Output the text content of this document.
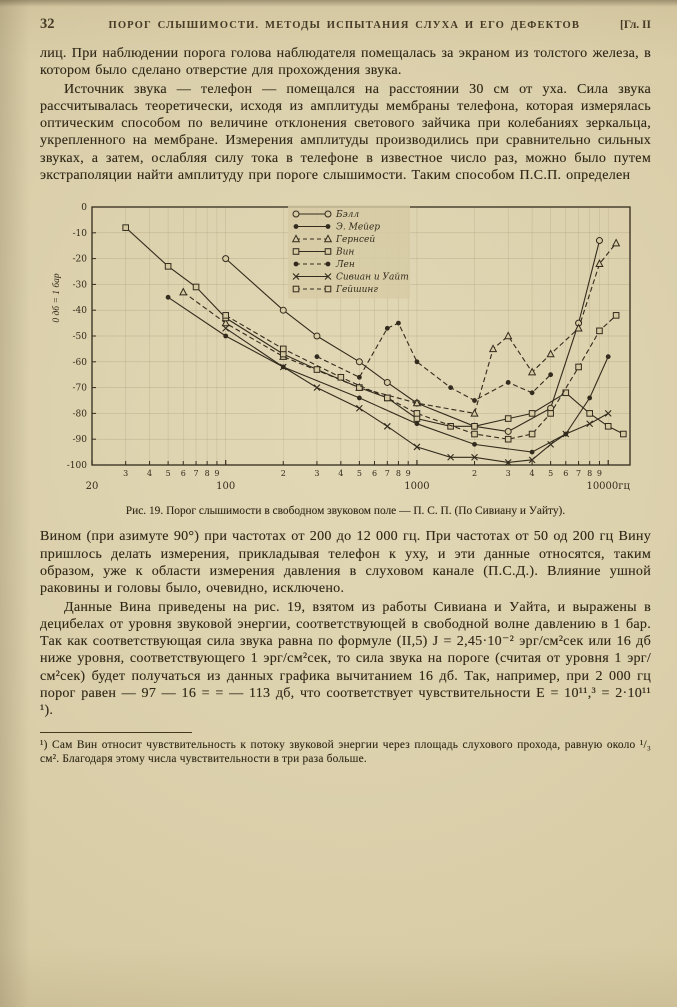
32	ПОРОГ СЛЫШИМОСТИ. МЕТОДЫ ИСПЫТАНИЯ СЛУХА И ЕГО ДЕФЕКТОВ	[Гл. II

лиц. При наблюдении порога голова наблюдателя помещалась за экраном из толстого железа, в котором было сделано отверстие для прохождения звука.

Источник звука — телефон — помещался на расстоянии 30 см от уха. Сила звука рассчитывалась теоретически, исходя из амплитуды мембраны телефона, которая измерялась оптическим способом по величине отклонения светового зайчика при колебаниях зеркальца, укрепленного на мембране. Измерения амплитуды производились при сравнительно сильных звуках, а затем, ослабляя силу тока в телефоне в известное число раз, можно было путем экстраполяции найти амплитуду при пороге слышимости. Таким способом П.С.П. определен

0
-10
-20
-30
-40
-50
-60
-70
-80
-90
-100
3 4 5 6 7 8 9	2	3 4 5 6 7 8 9	2	3 4 5 6 7 8 9
20	100	1000	10000гц
Бэлл
Э. Мейер
Гернсей
Вин
Лен
Сивиан и Уайт
Гейшинг
0 дб = 1 бар
Рис. 19. Порог слышимости в свободном звуковом поле — П. С. П. (По Сивиану и Уайту).

Вином (при азимуте 90°) при частотах от 200 до 12 000 гц. При частотах от 50 од 200 гц Вину пришлось делать измерения, прикладывая телефон к уху, и эти данные относятся, таким образом, уже к области измерения давления в слуховом канале (П.С.Д.). Влияние ушной раковины и головы было, очевидно, исключено.

Данные Вина приведены на рис. 19, взятом из работы Сивиана и Уайта, и выражены в децибелах от уровня звуковой энергии, соответствующей в свободной волне давлению в 1 бар. Так как соответствующая сила звука равна по формуле (II,5) J = 2,45·10⁻² эрг/см²сек или 16 дб ниже уровня, соответствующего 1 эрг/см²сек, то сила звука на пороге (считая от уровня 1 эрг/см²сек) будет получаться из данных графика вычитанием 16 дб. Так, например, при 2 000 гц порог равен — 97 — 16 = = — 113 дб, что соответствует чувствительности E = 10¹¹,³ = 2·10¹¹ ¹).

¹) Сам Вин относит чувствительность к потоку звуковой энергии через площадь слухового прохода, равную около ¹/₃ см². Благодаря этому числа чувствительности в три раза больше.
